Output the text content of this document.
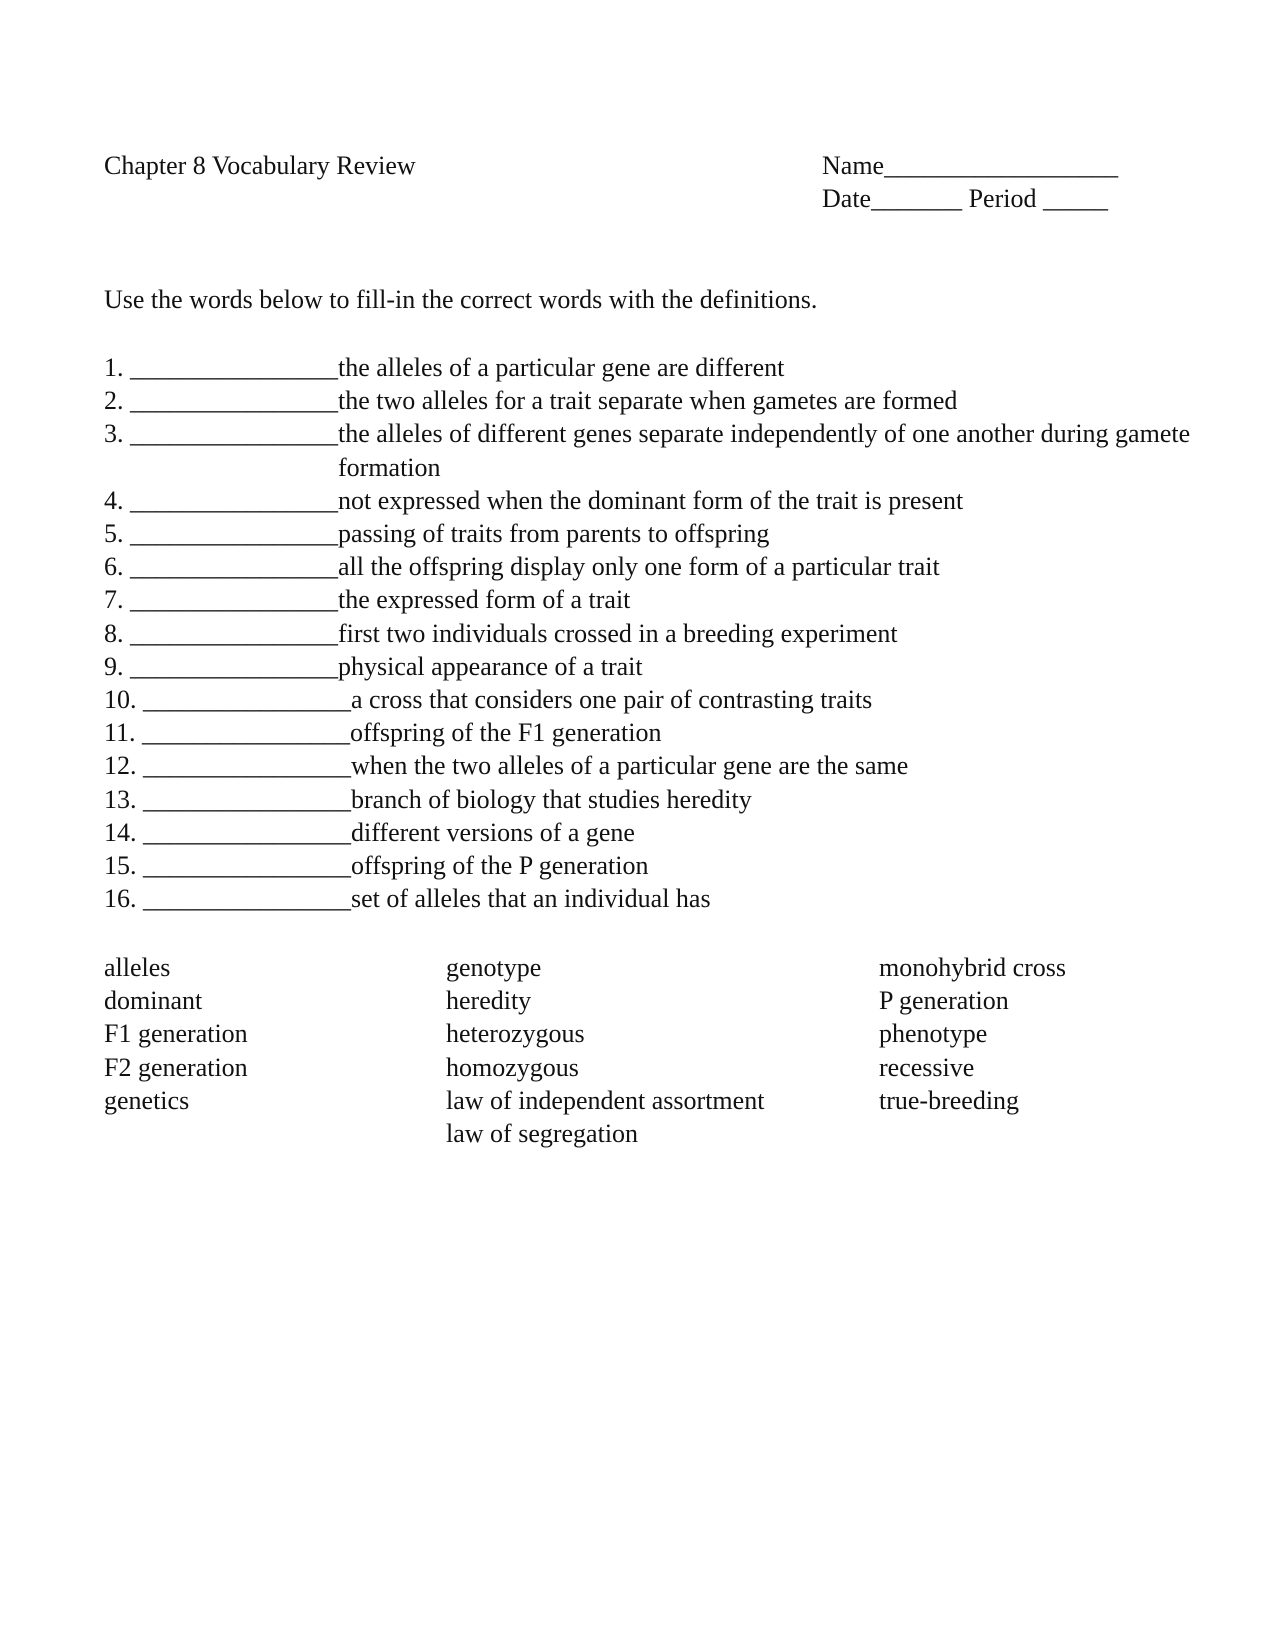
Chapter 8 Vocabulary Review	Name__________________
Date_______ Period _____
Use the words below to fill-in the correct words with the definitions.
1. ________________ the alleles of a particular gene are different
2. ________________ the two alleles for a trait separate when gametes are formed
3. ________________ the alleles of different genes separate independently of one another during gamete formation
4. ________________ not expressed when the dominant form of the trait is present
5. ________________ passing of traits from parents to offspring
6. ________________ all the offspring display only one form of a particular trait
7. ________________ the expressed form of a trait
8. ________________ first two individuals crossed in a breeding experiment
9. ________________ physical appearance of a trait
10. ________________ a cross that considers one pair of contrasting traits
11. ________________ offspring of the F1 generation
12. ________________ when the two alleles of a particular gene are the same
13. ________________ branch of biology that studies heredity
14. ________________ different versions of a gene
15. ________________ offspring of the P generation
16. ________________ set of alleles that an individual has
alleles
dominant
F1 generation
F2 generation
genetics
genotype
heredity
heterozygous
homozygous
law of independent assortment
law of segregation
monohybrid cross
P generation
phenotype
recessive
true-breeding
